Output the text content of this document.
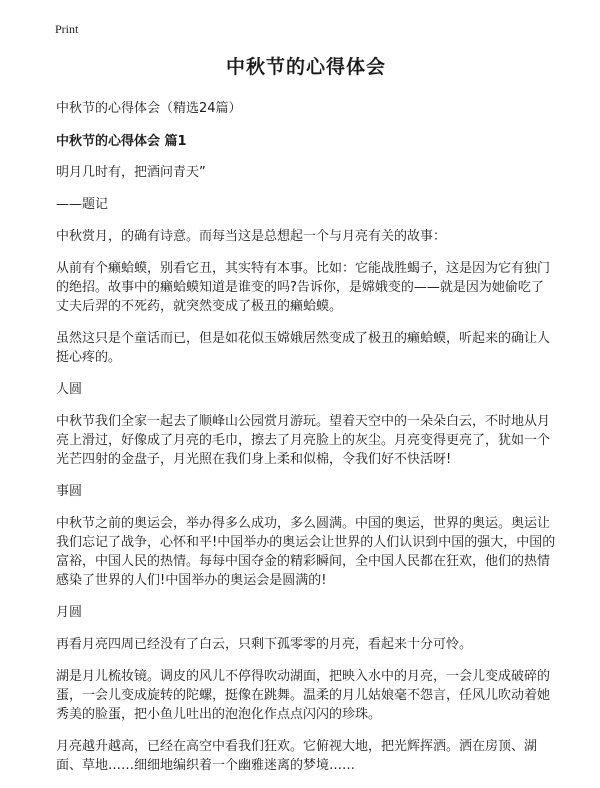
Print
中秋节的心得体会
中秋节的心得体会（精选24篇）
中秋节的心得体会 篇1

明月几时有，把酒问青天”

——题记

中秋赏月，的确有诗意。而每当这是总想起一个与月亮有关的故事：

从前有个癞蛤蟆，别看它丑，其实特有本事。比如：它能战胜蝎子，这是因为它有独门的绝招。故事中的癞蛤蟆知道是谁变的吗?告诉你，是嫦娥变的——就是因为她偷吃了丈夫后羿的不死药，就突然变成了极丑的癞蛤蟆。

虽然这只是个童话而已，但是如花似玉嫦娥居然变成了极丑的癞蛤蟆，听起来的确让人挺心疼的。

人圆

中秋节我们全家一起去了顺峰山公园赏月游玩。望着天空中的一朵朵白云，不时地从月亮上滑过，好像成了月亮的毛巾，擦去了月亮脸上的灰尘。月亮变得更亮了，犹如一个光芒四射的金盘子，月光照在我们身上柔和似棉，令我们好不快活呀!

事圆

中秋节之前的奥运会，举办得多么成功，多么圆满。中国的奥运，世界的奥运。奥运让我们忘记了战争，心怀和平!中国举办的奥运会让世界的人们认识到中国的强大，中国的富裕，中国人民的热情。每每中国夺金的精彩瞬间，全中国人民都在狂欢，他们的热情感染了世界的人们!中国举办的奥运会是圆满的!

月圆

再看月亮四周已经没有了白云，只剩下孤零零的月亮，看起来十分可怜。

湖是月儿梳妆镜。调皮的风儿不停得吹动湖面，把映入水中的月亮，一会儿变成破碎的蛋，一会儿变成旋转的陀螺，挺像在跳舞。温柔的月儿姑娘毫不怨言，任风儿吹动着她秀美的脸蛋，把小鱼儿吐出的泡泡化作点点闪闪的珍珠。

月亮越升越高，已经在高空中看我们狂欢。它俯视大地，把光辉挥洒。洒在房顶、湖面、草地……细细地编织着一个幽雅迷离的梦境……
